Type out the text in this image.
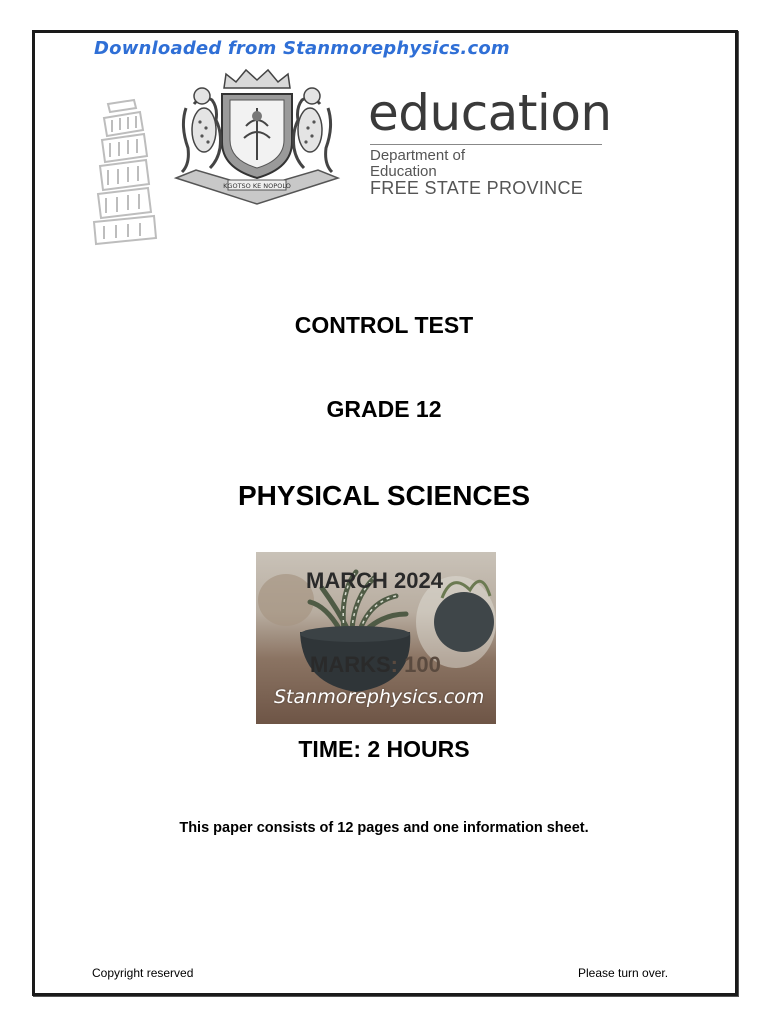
Downloaded from Stanmorephysics.com
KGOTSO KE NOPOLO
education
Department of
Education
FREE STATE PROVINCE
CONTROL TEST
GRADE 12
PHYSICAL SCIENCES
MARCH 2024
MARKS: 100
Stanmorephysics.com
TIME: 2 HOURS
This paper consists of 12 pages and one information sheet.
Copyright reserved	Please turn over.
